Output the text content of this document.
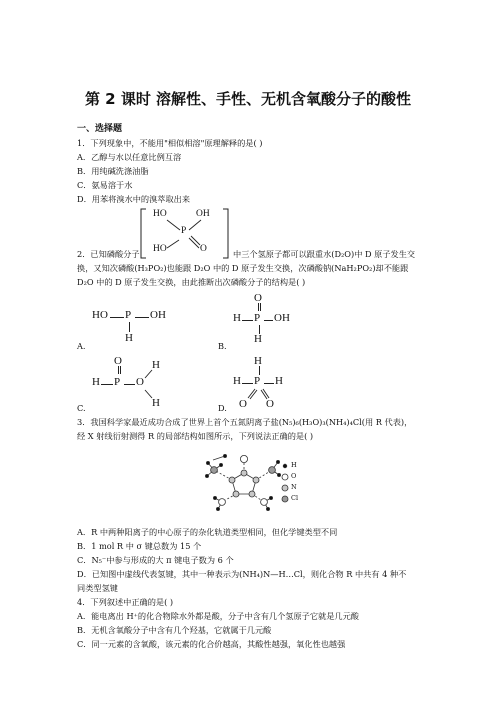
第 2 课时 溶解性、手性、无机含氧酸分子的酸性
一、选择题
1．下列现象中，不能用"相似相溶"原理解释的是( )
A．乙醇与水以任意比例互溶
B．用纯碱洗涤油脂
C．氨易溶于水
D．用苯将溴水中的溴萃取出来
HO	OH
P
HO	O
2．已知磷酸分子	中三个氢原子都可以跟重水(D₂O)中 D 原子发生交
换，又知次磷酸(H₃PO₂)也能跟 D₂O 中的 D 原子发生交换，次磷酸钠(NaH₂PO₂)却不能跟
D₂O 中的 D 原子发生交换，由此推断出次磷酸分子的结构是( )
HO P OH
H
A.
O
H P OH
H
B.
O
H P O
H
H
C.
H
H P H
O O
D.
3．我国科学家最近成功合成了世界上首个五氮阴离子盐(N₅)₆(H₃O)₃(NH₄)₄Cl(用 R 代表)，
经 X 射线衍射测得 R 的局部结构如图所示，下列说法正确的是( )
H
O
N
Cl
A．R 中两种阳离子的中心原子的杂化轨道类型相同，但化学键类型不同
B．1 mol R 中 σ 键总数为 15 个
C．N₅⁻中参与形成的大 π 键电子数为 6 个
D．已知图中虚线代表氢键，其中一种表示为(NH₄)N—H…Cl，则化合物 R 中共有 4 种不
同类型氢键
4．下列叙述中正确的是( )
A．能电离出 H⁺的化合物除水外都是酸，分子中含有几个氢原子它就是几元酸
B．无机含氧酸分子中含有几个羟基，它就属于几元酸
C．同一元素的含氧酸，该元素的化合价越高，其酸性越强，氧化性也越强
